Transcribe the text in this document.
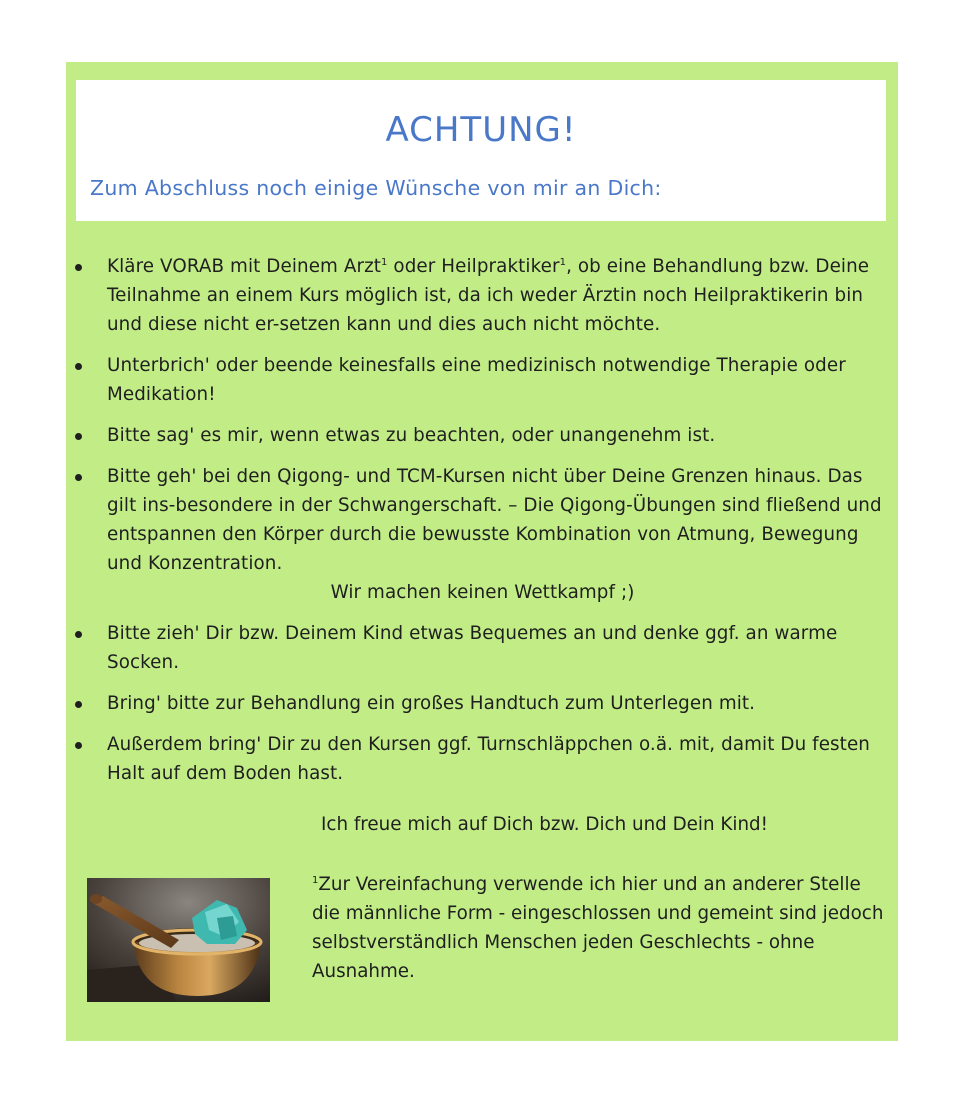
ACHTUNG!
Zum Abschluss noch einige Wünsche von mir an Dich:
Kläre VORAB mit Deinem Arzt$^1$ oder Heilpraktiker$^1$, ob eine Behandlung bzw. Deine Teilnahme an einem Kurs möglich ist, da ich weder Ärztin noch Heilpraktikerin bin und diese nicht er-setzen kann und dies auch nicht möchte.
Unterbrich' oder beende keinesfalls eine medizinisch notwendige Therapie oder Medikation!
Bitte sag' es mir, wenn etwas zu beachten, oder unangenehm ist.
Bitte geh' bei den Qigong- und TCM-Kursen nicht über Deine Grenzen hinaus. Das gilt ins-besondere in der Schwangerschaft. – Die Qigong-Übungen sind fließend und entspannen den Körper durch die bewusste Kombination von Atmung, Bewegung und Konzentration.
Wir machen keinen Wettkampf ;)
Bitte zieh' Dir bzw. Deinem Kind etwas Bequemes an und denke ggf. an warme Socken.
Bring' bitte zur Behandlung ein großes Handtuch zum Unterlegen mit.
Außerdem bring' Dir zu den Kursen ggf. Turnschläppchen o.ä. mit, damit Du festen Halt auf dem Boden hast.
Ich freue mich auf Dich bzw. Dich und Dein Kind!
$^1$Zur Vereinfachung verwende ich hier und an anderer Stelle die männliche Form - eingeschlossen und gemeint sind jedoch selbstverständlich Menschen jeden Geschlechts - ohne Ausnahme.
